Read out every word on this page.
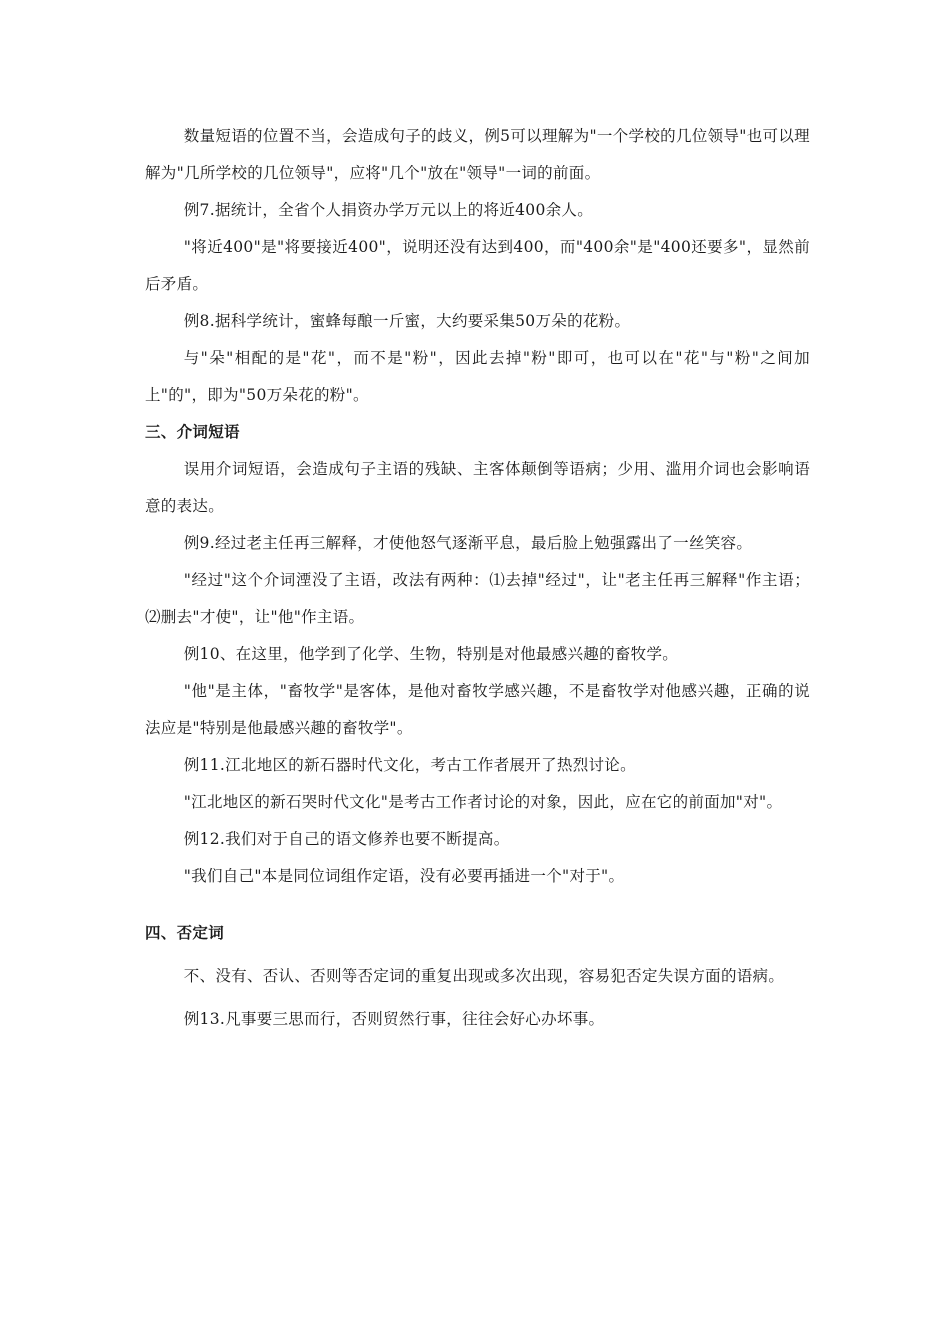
数量短语的位置不当，会造成句子的歧义，例5可以理解为"一个学校的几位领导"也可以理解为"几所学校的几位领导"，应将"几个"放在"领导"一词的前面。

例7.据统计，全省个人捐资办学万元以上的将近400余人。

"将近400"是"将要接近400"，说明还没有达到400，而"400余"是"400还要多"，显然前后矛盾。

例8.据科学统计，蜜蜂每酿一斤蜜，大约要采集50万朵的花粉。

与"朵"相配的是"花"，而不是"粉"，因此去掉"粉"即可，也可以在"花"与"粉"之间加上"的"，即为"50万朵花的粉"。

三、介词短语

误用介词短语，会造成句子主语的残缺、主客体颠倒等语病；少用、滥用介词也会影响语意的表达。

例9.经过老主任再三解释，才使他怒气逐渐平息，最后脸上勉强露出了一丝笑容。

"经过"这个介词湮没了主语，改法有两种：⑴去掉"经过"，让"老主任再三解释"作主语；⑵删去"才使"，让"他"作主语。

例10、在这里，他学到了化学、生物，特别是对他最感兴趣的畜牧学。

"他"是主体，"畜牧学"是客体，是他对畜牧学感兴趣，不是畜牧学对他感兴趣，正确的说法应是"特别是他最感兴趣的畜牧学"。

例11.江北地区的新石器时代文化，考古工作者展开了热烈讨论。

"江北地区的新石哭时代文化"是考古工作者讨论的对象，因此，应在它的前面加"对"。

例12.我们对于自己的语文修养也要不断提高。

"我们自己"本是同位词组作定语，没有必要再插进一个"对于"。

四、否定词

不、没有、否认、否则等否定词的重复出现或多次出现，容易犯否定失误方面的语病。

例13.凡事要三思而行，否则贸然行事，往往会好心办坏事。
